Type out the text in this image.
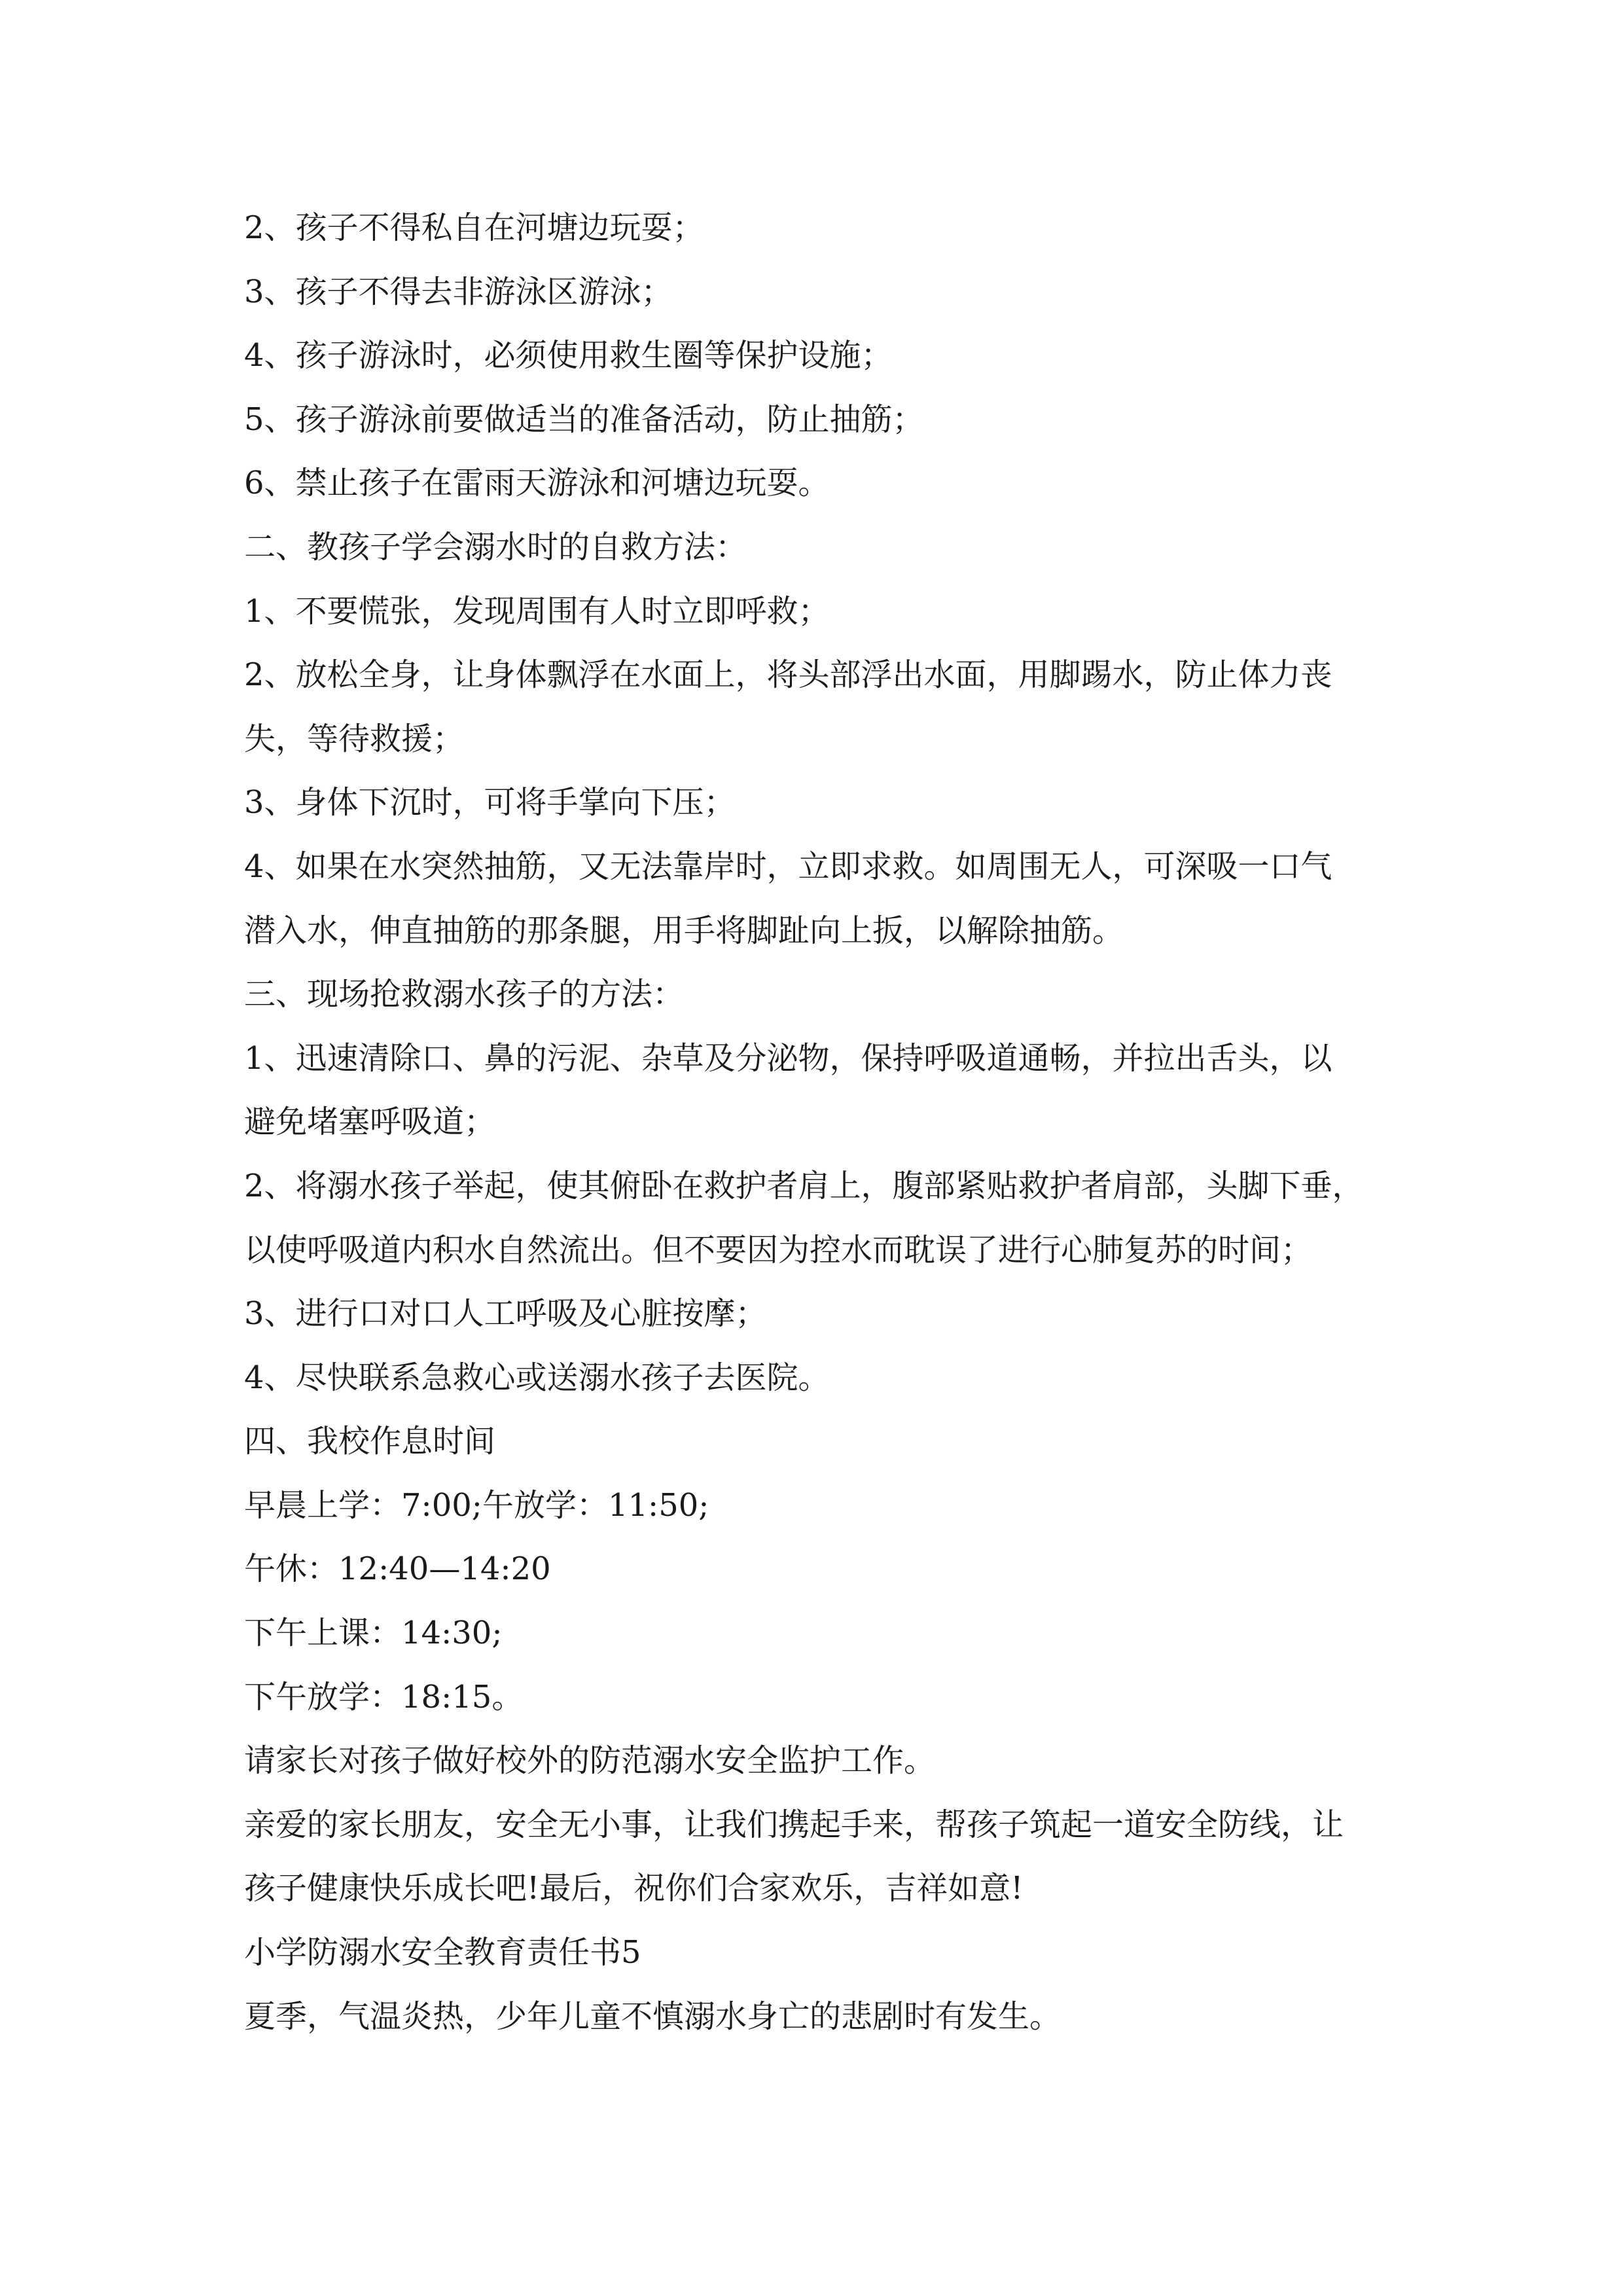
2、孩子不得私自在河塘边玩耍；
3、孩子不得去非游泳区游泳；
4、孩子游泳时，必须使用救生圈等保护设施；
5、孩子游泳前要做适当的准备活动，防止抽筋；
6、禁止孩子在雷雨天游泳和河塘边玩耍。
二、教孩子学会溺水时的自救方法：
1、不要慌张，发现周围有人时立即呼救；
2、放松全身，让身体飘浮在水面上，将头部浮出水面，用脚踢水，防止体力丧
失，等待救援；
3、身体下沉时，可将手掌向下压；
4、如果在水突然抽筋，又无法靠岸时，立即求救。如周围无人，可深吸一口气
潜入水，伸直抽筋的那条腿，用手将脚趾向上扳，以解除抽筋。
三、现场抢救溺水孩子的方法：
1、迅速清除口、鼻的污泥、杂草及分泌物，保持呼吸道通畅，并拉出舌头，以
避免堵塞呼吸道；
2、将溺水孩子举起，使其俯卧在救护者肩上，腹部紧贴救护者肩部，头脚下垂，
以使呼吸道内积水自然流出。但不要因为控水而耽误了进行心肺复苏的时间；
3、进行口对口人工呼吸及心脏按摩；
4、尽快联系急救心或送溺水孩子去医院。
四、我校作息时间
早晨上学：7:00;午放学：11:50;
午休：12:40—14:20
下午上课：14:30;
下午放学：18:15。
请家长对孩子做好校外的防范溺水安全监护工作。
亲爱的家长朋友，安全无小事，让我们携起手来，帮孩子筑起一道安全防线，让
孩子健康快乐成长吧!最后，祝你们合家欢乐，吉祥如意!
小学防溺水安全教育责任书5
夏季，气温炎热，少年儿童不慎溺水身亡的悲剧时有发生。
